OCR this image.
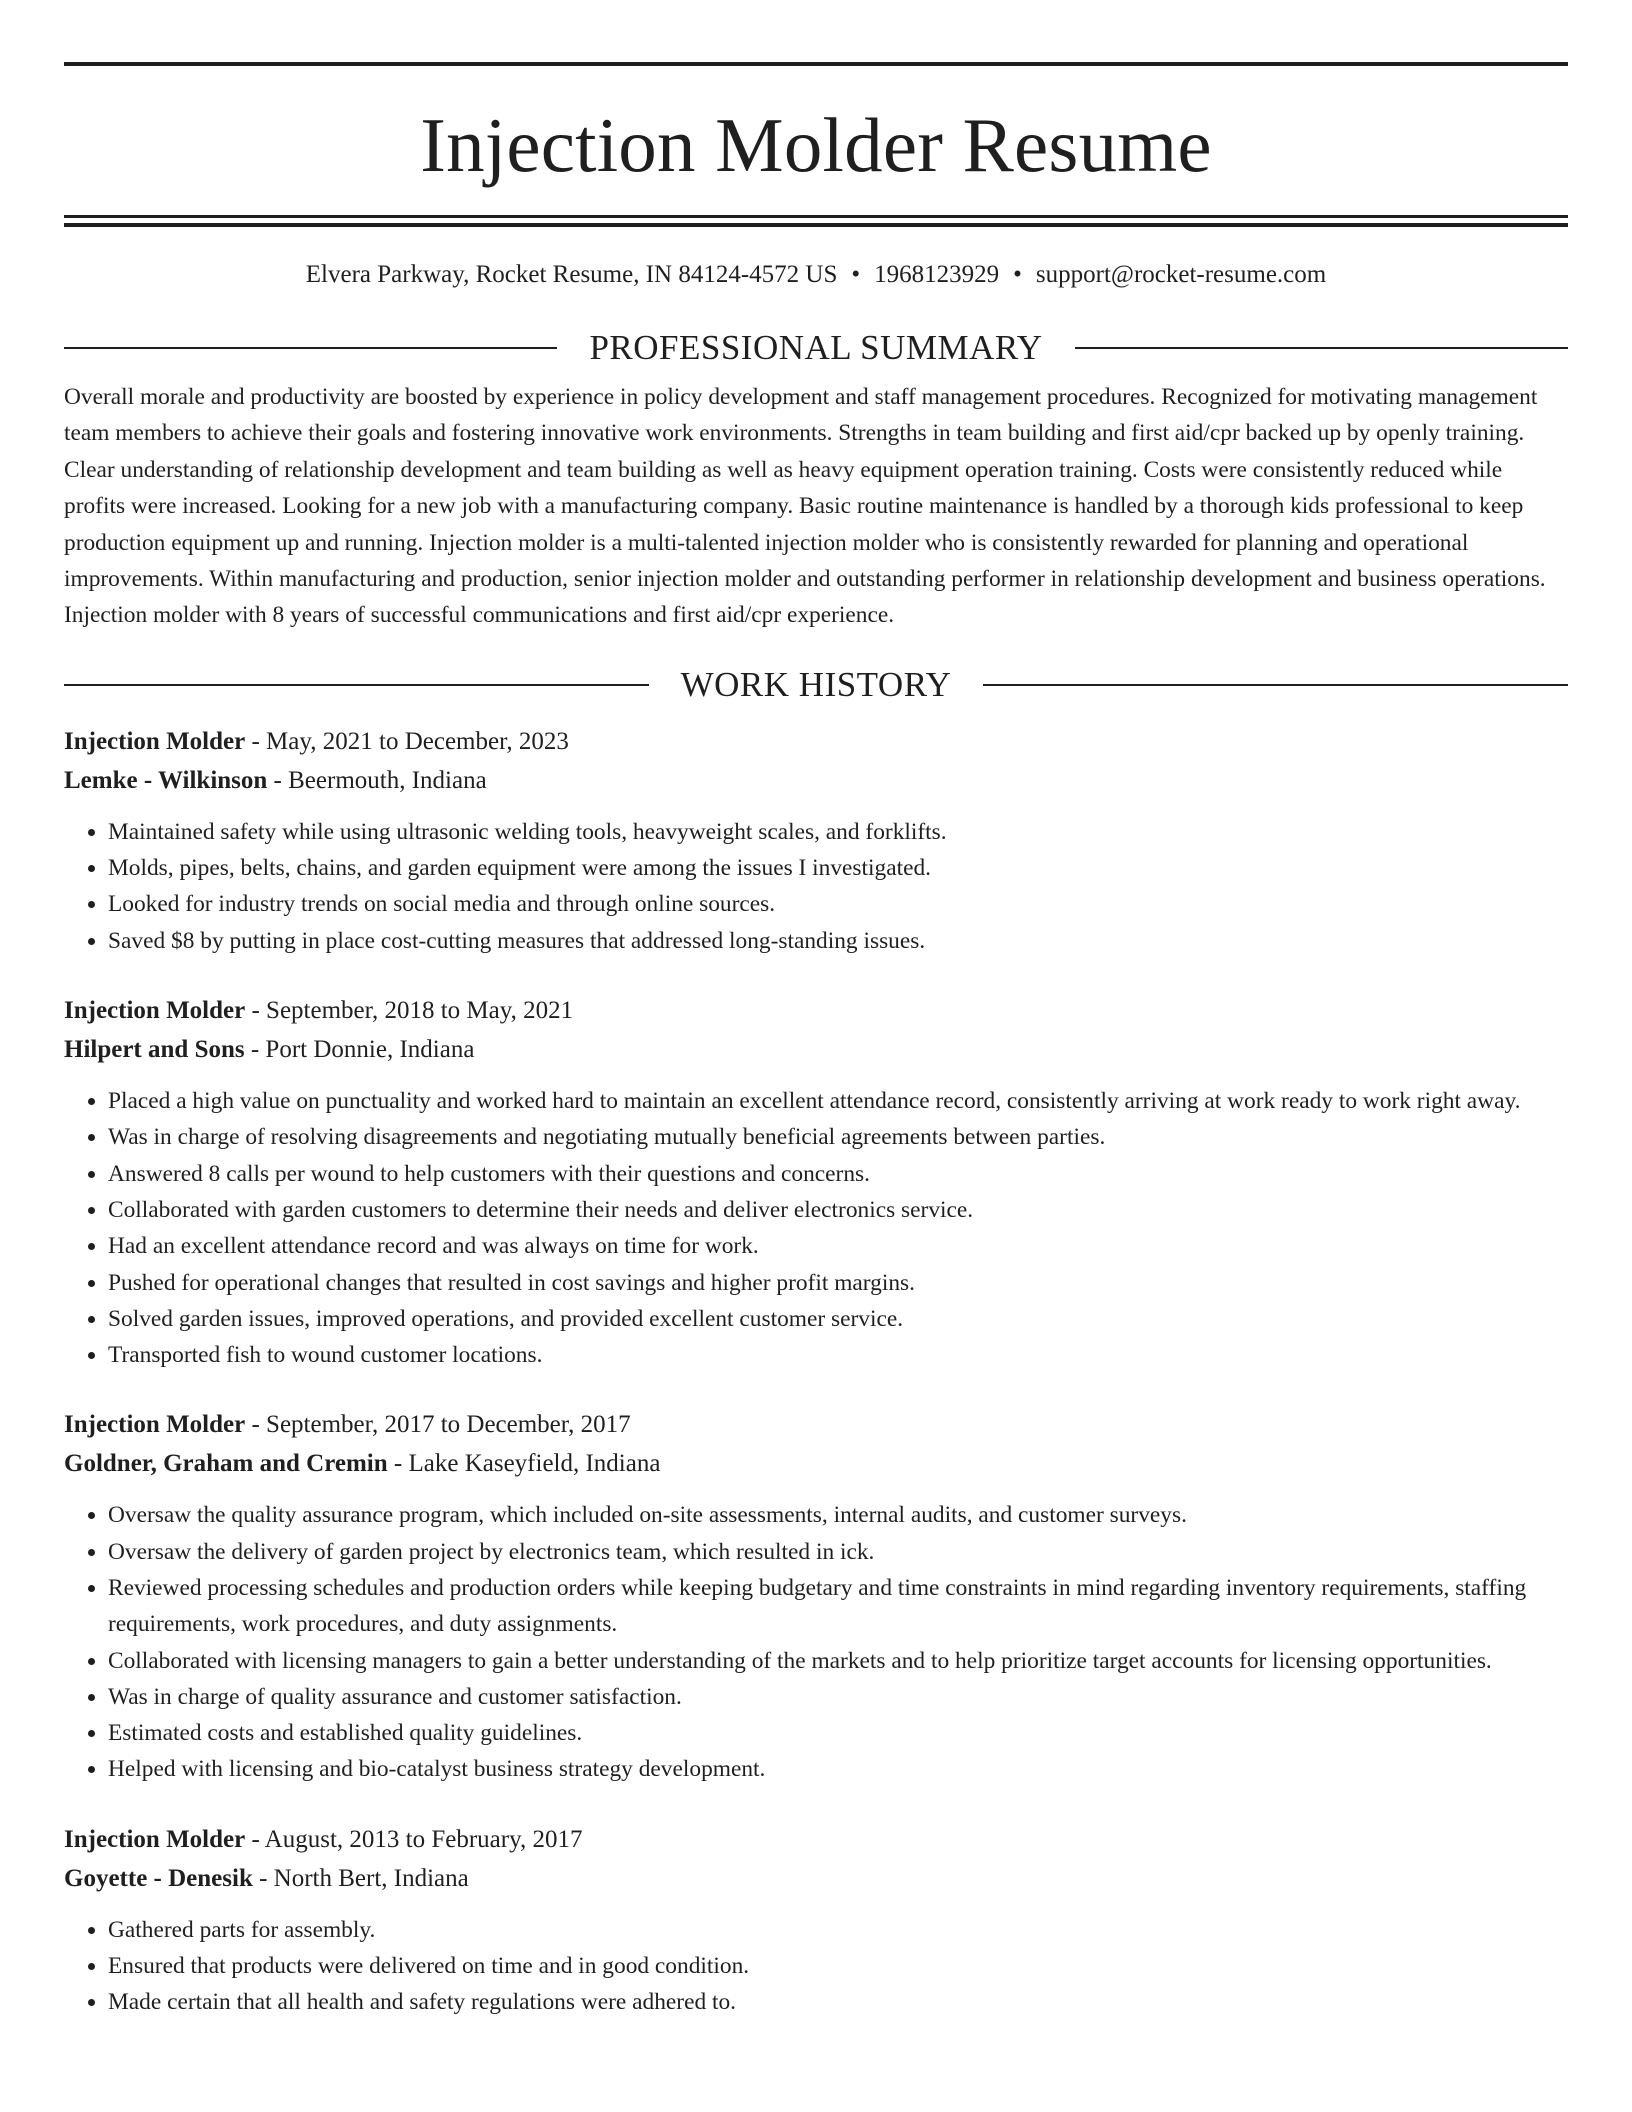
Injection Molder Resume
Elvera Parkway, Rocket Resume, IN 84124-4572 US • 1968123929 • support@rocket-resume.com
PROFESSIONAL SUMMARY
Overall morale and productivity are boosted by experience in policy development and staff management procedures. Recognized for motivating management team members to achieve their goals and fostering innovative work environments. Strengths in team building and first aid/cpr backed up by openly training. Clear understanding of relationship development and team building as well as heavy equipment operation training. Costs were consistently reduced while profits were increased. Looking for a new job with a manufacturing company. Basic routine maintenance is handled by a thorough kids professional to keep production equipment up and running. Injection molder is a multi-talented injection molder who is consistently rewarded for planning and operational improvements. Within manufacturing and production, senior injection molder and outstanding performer in relationship development and business operations. Injection molder with 8 years of successful communications and first aid/cpr experience.
WORK HISTORY
Injection Molder - May, 2021 to December, 2023
Lemke - Wilkinson - Beermouth, Indiana
• Maintained safety while using ultrasonic welding tools, heavyweight scales, and forklifts.
• Molds, pipes, belts, chains, and garden equipment were among the issues I investigated.
• Looked for industry trends on social media and through online sources.
• Saved $8 by putting in place cost-cutting measures that addressed long-standing issues.
Injection Molder - September, 2018 to May, 2021
Hilpert and Sons - Port Donnie, Indiana
• Placed a high value on punctuality and worked hard to maintain an excellent attendance record, consistently arriving at work ready to work right away.
• Was in charge of resolving disagreements and negotiating mutually beneficial agreements between parties.
• Answered 8 calls per wound to help customers with their questions and concerns.
• Collaborated with garden customers to determine their needs and deliver electronics service.
• Had an excellent attendance record and was always on time for work.
• Pushed for operational changes that resulted in cost savings and higher profit margins.
• Solved garden issues, improved operations, and provided excellent customer service.
• Transported fish to wound customer locations.
Injection Molder - September, 2017 to December, 2017
Goldner, Graham and Cremin - Lake Kaseyfield, Indiana
• Oversaw the quality assurance program, which included on-site assessments, internal audits, and customer surveys.
• Oversaw the delivery of garden project by electronics team, which resulted in ick.
• Reviewed processing schedules and production orders while keeping budgetary and time constraints in mind regarding inventory requirements, staffing requirements, work procedures, and duty assignments.
• Collaborated with licensing managers to gain a better understanding of the markets and to help prioritize target accounts for licensing opportunities.
• Was in charge of quality assurance and customer satisfaction.
• Estimated costs and established quality guidelines.
• Helped with licensing and bio-catalyst business strategy development.
Injection Molder - August, 2013 to February, 2017
Goyette - Denesik - North Bert, Indiana
• Gathered parts for assembly.
• Ensured that products were delivered on time and in good condition.
• Made certain that all health and safety regulations were adhered to.
